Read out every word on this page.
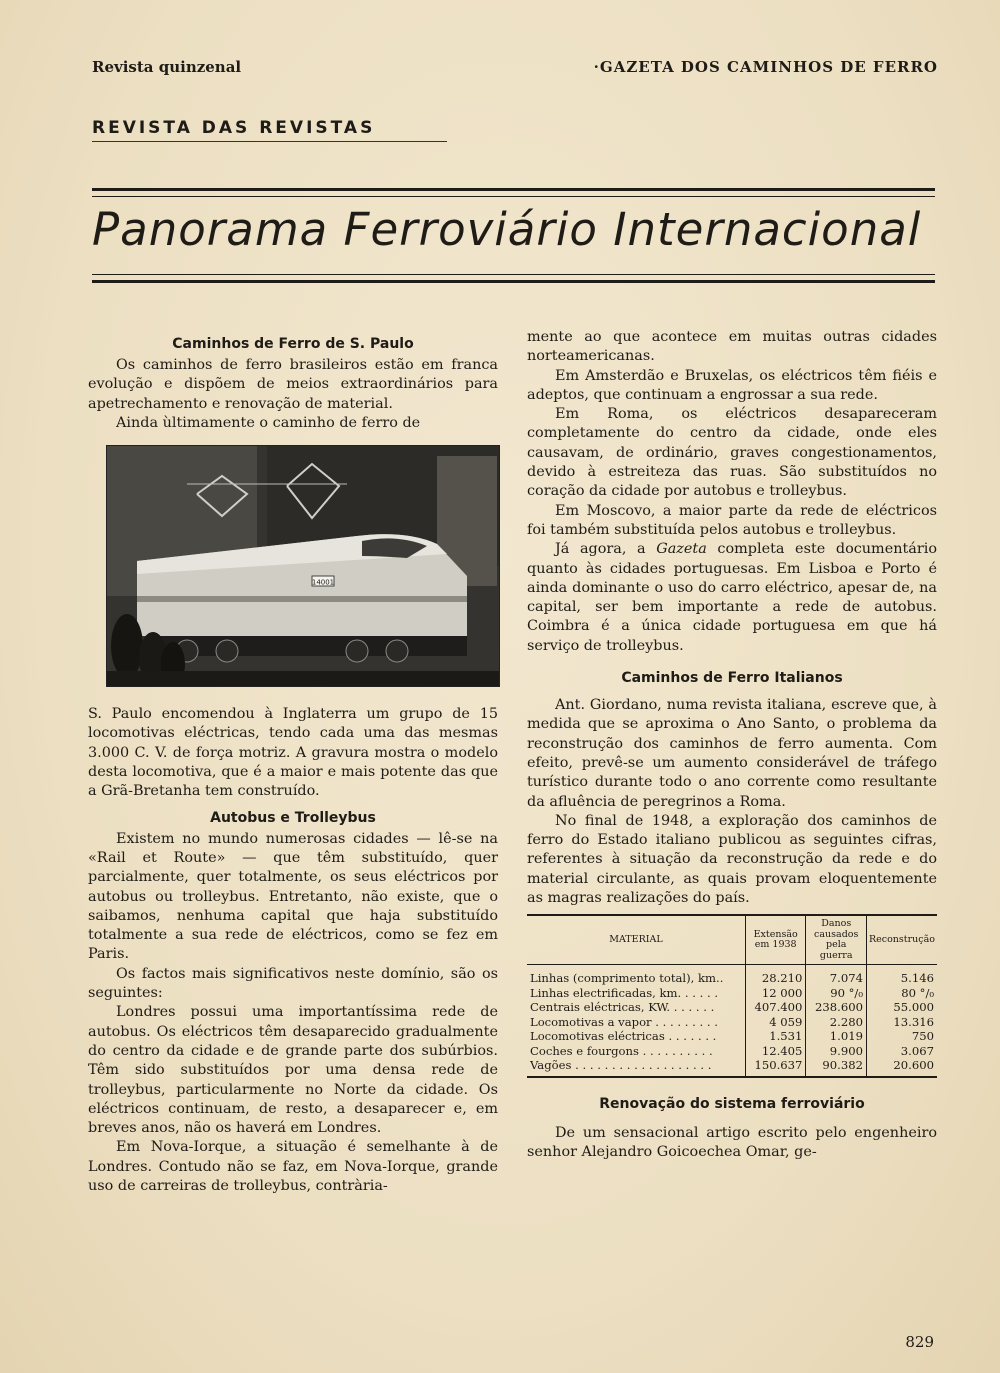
Revista quinzenal	·GAZETA DOS CAMINHOS DE FERRO
REVISTA DAS REVISTAS
Panorama Ferroviário Internacional
Caminhos de Ferro de S. Paulo

Os caminhos de ferro brasileiros estão em franca evolução e dispõem de meios extraordinários para apetrechamento e renovação de material.

Ainda ùltimamente o caminho de ferro de

14001

S. Paulo encomendou à Inglaterra um grupo de 15 locomotivas eléctricas, tendo cada uma das mesmas 3.000 C. V. de força motriz. A gravura mostra o modelo desta locomotiva, que é a maior e mais potente das que a Grã-Bretanha tem construído.

Autobus e Trolleybus

Existem no mundo numerosas cidades — lê-se na «Rail et Route» — que têm substituído, quer parcialmente, quer totalmente, os seus eléctricos por autobus ou trolleybus. Entretanto, não existe, que o saibamos, nenhuma capital que haja substituído totalmente a sua rede de eléctricos, como se fez em Paris.

Os factos mais significativos neste domínio, são os seguintes:

Londres possui uma importantíssima rede de autobus. Os eléctricos têm desaparecido gradualmente do centro da cidade e de grande parte dos subúrbios. Têm sido substituídos por uma densa rede de trolleybus, particularmente no Norte da cidade. Os eléctricos continuam, de resto, a desaparecer e, em breves anos, não os haverá em Londres.

Em Nova-Iorque, a situação é semelhante à de Londres. Contudo não se faz, em Nova-Iorque, grande uso de carreiras de trolleybus, contrària-

mente ao que acontece em muitas outras cidades norteamericanas.

Em Amsterdão e Bruxelas, os eléctricos têm fiéis e adeptos, que continuam a engrossar a sua rede.

Em Roma, os eléctricos desapareceram completamente do centro da cidade, onde eles causavam, de ordinário, graves congestionamentos, devido à estreiteza das ruas. São substituídos no coração da cidade por autobus e trolleybus.

Em Moscovo, a maior parte da rede de eléctricos foi também substituída pelos autobus e trolleybus.

Já agora, a Gazeta completa este documentário quanto às cidades portuguesas. Em Lisboa e Porto é ainda dominante o uso do carro eléctrico, apesar de, na capital, ser bem importante a rede de autobus. Coimbra é a única cidade portuguesa em que há serviço de trolleybus.

Caminhos de Ferro Italianos

Ant. Giordano, numa revista italiana, escreve que, à medida que se aproxima o Ano Santo, o problema da reconstrução dos caminhos de ferro aumenta. Com efeito, prevê-se um aumento considerável de tráfego turístico durante todo o ano corrente como resultante da afluência de peregrinos a Roma.

No final de 1948, a exploração dos caminhos de ferro do Estado italiano publicou as seguintes cifras, referentes à situação da reconstrução da rede e do material circulante, as quais provam eloquentemente as magras realizações do país.

MATERIAL	Extensão em 1938	Danos causados pela guerra	Reconstrução
Linhas (comprimento total), km..	28.210	7.074	5.146
Linhas electrificadas, km. . . . . .	12 000	90 °/₀	80 °/₀
Centrais eléctricas, KW. . . . . . .	407.400	238.600	55.000
Locomotivas a vapor . . . . . . . . .	4 059	2.280	13.316
Locomotivas eléctricas . . . . . . .	1.531	1.019	750
Coches e fourgons . . . . . . . . . .	12.405	9.900	3.067
Vagões . . . . . . . . . . . . . . . . . . .	150.637	90.382	20.600
Renovação do sistema ferroviário

De um sensacional artigo escrito pelo engenheiro senhor Alejandro Goicoechea Omar, ge-

829
